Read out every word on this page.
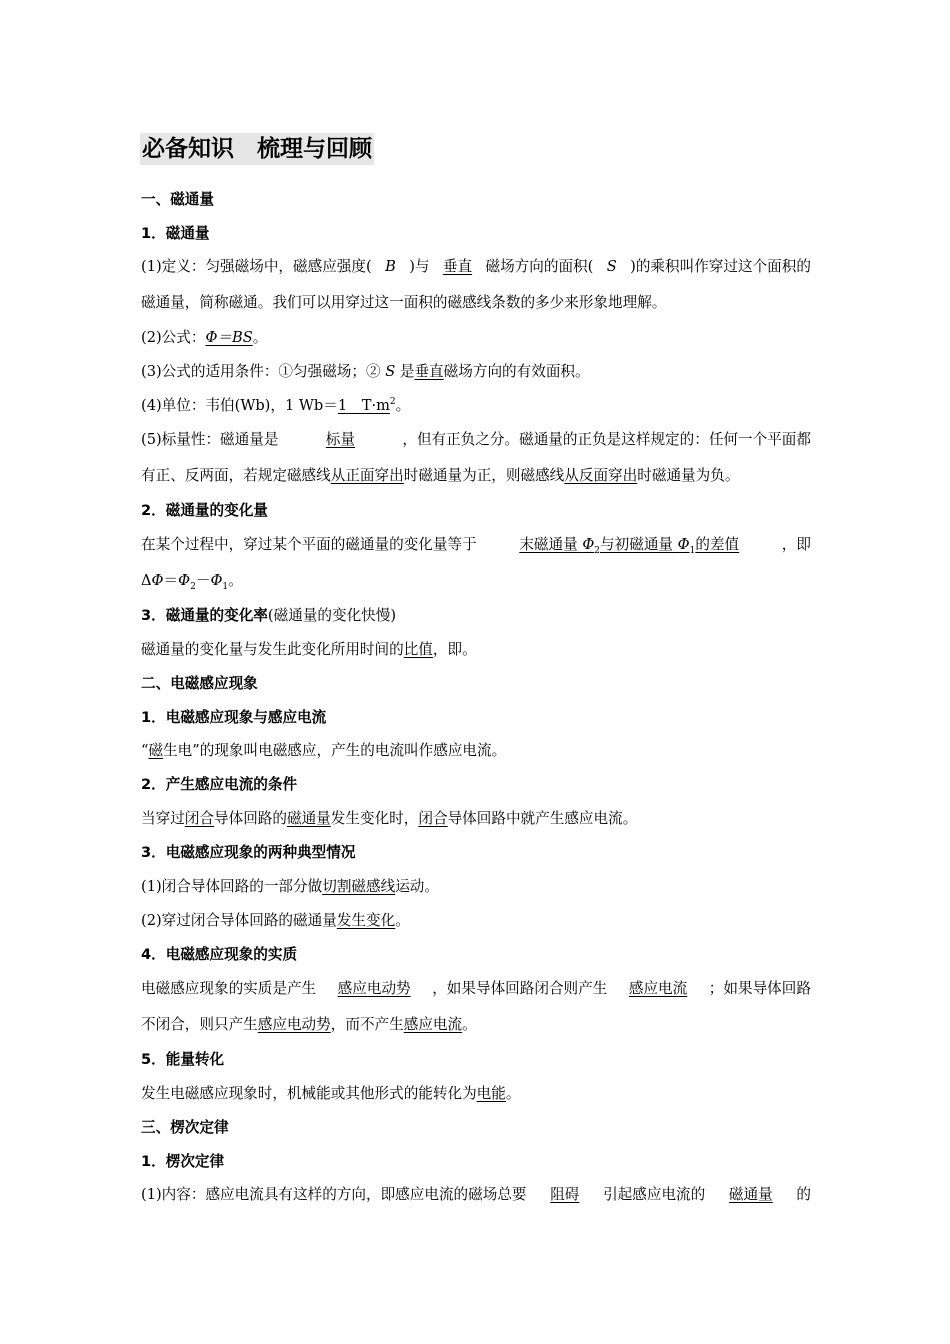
必备知识　梳理与回顾
一、磁通量
1．磁通量
(1)定义：匀强磁场中，磁感应强度( B )与 垂直 磁场方向的面积( S )的乘积叫作穿过这个面积的
磁通量，简称磁通。我们可以用穿过这一面积的磁感线条数的多少来形象地理解。
(2)公式：Φ＝BS。
(3)公式的适用条件：①匀强磁场；② S 是垂直磁场方向的有效面积。
(4)单位：韦伯(Wb)，1 Wb＝1　$T\cdot m^2$。
(5)标量性：磁通量是	标量	，但有正负之分。磁通量的正负是这样规定的：任何一个平面都
有正、反两面，若规定磁感线从正面穿出时磁通量为正，则磁感线从反面穿出时磁通量为负。
2．磁通量的变化量
在某个过程中，穿过某个平面的磁通量的变化量等于	末磁通量 $\Phi_2$与初磁通量 $\Phi_1$的差值	，即
$\Delta\Phi=\Phi_2-\Phi_1$。
3．磁通量的变化率(磁通量的变化快慢)
磁通量的变化量与发生此变化所用时间的比值，即。
二、电磁感应现象
1．电磁感应现象与感应电流
“磁生电”的现象叫电磁感应，产生的电流叫作感应电流。
2．产生感应电流的条件
当穿过闭合导体回路的磁通量发生变化时，闭合导体回路中就产生感应电流。
3．电磁感应现象的两种典型情况
(1)闭合导体回路的一部分做切割磁感线运动。
(2)穿过闭合导体回路的磁通量发生变化。
4．电磁感应现象的实质
电磁感应现象的实质是产生 感应电动势 ，如果导体回路闭合则产生 感应电流 ；如果导体回路
不闭合，则只产生感应电动势，而不产生感应电流。
5．能量转化
发生电磁感应现象时，机械能或其他形式的能转化为电能。
三、楞次定律
1．楞次定律
(1)内容：感应电流具有这样的方向，即感应电流的磁场总要 阻碍 引起感应电流的 磁通量 的
